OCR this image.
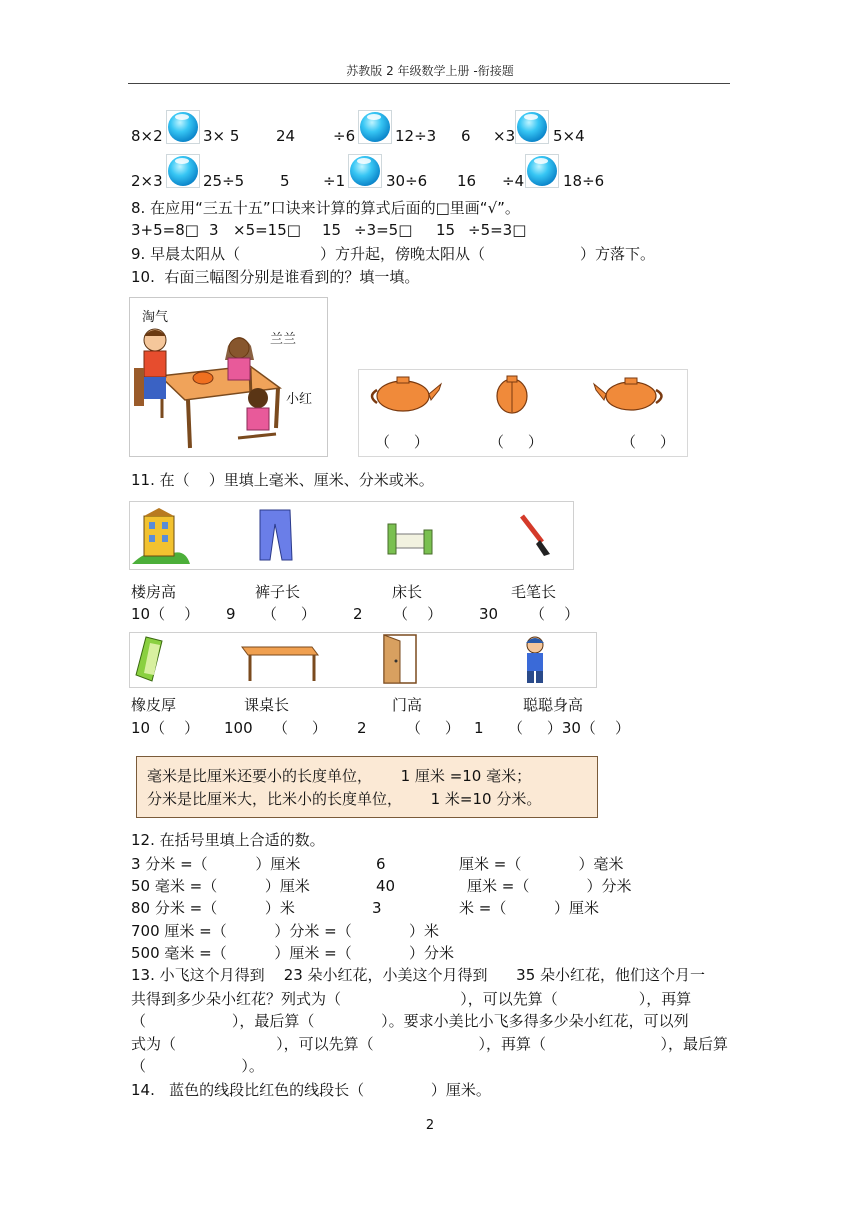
苏教版 2 年级数学上册 -衔接题
8×2	3× 5 24	÷6	12÷3 6 ×3	5×4
2×3	25÷5 5 ÷1	30÷6 16 ÷4	18÷6
8. 在应用“三五十五”口诀来计算的算式后面的□里画“√”。
3+5=8□ 3 ×5=15□ 15 ÷3=5□ 15 ÷5=3□
9. 早晨太阳从（	）方升起，傍晚太阳从（	）方落下。
10.  右面三幅图分别是谁看到的？填一填。
淘气
兰兰
小红
（     ）	（     ）	（     ）
11. 在（    ）里填上毫米、厘米、分米或米。
楼房高	裤子长	床长	毛笔长
10（    ） 9 （     ） 2 （    ） 30 （    ）
橡皮厚	课桌长	门高	聪聪身高
10（    ） 100 （     ） 2	（     ） 1 （     ）30（    ）
毫米是比厘米还要小的长度单位，      1 厘米 =10 毫米；
分米是比厘米大，比米小的长度单位，      1 米=10 分米。
12. 在括号里填上合适的数。
3 分米 =（          ）厘米	6	厘米 =（            ）毫米
50 毫米 =（          ）厘米	40	厘米 =（            ）分米
80 分米 =（          ）米	3	米 =（          ）厘米
700 厘米 =（          ）分米 =（            ）米
500 毫米 =（          ）厘米 =（            ）分米
13. 小飞这个月得到    23 朵小红花，小美这个月得到      35 朵小红花，他们这个月一
共得到多少朵小红花？列式为（                         ），可以先算（                 ），再算
（                  ），最后算（              ）。要求小美比小飞多得多少朵小红花，可以列
式为（                     ），可以先算（                      ），再算（                        ），最后算
（                    ）。
14.   蓝色的线段比红色的线段长（              ）厘米。
2
